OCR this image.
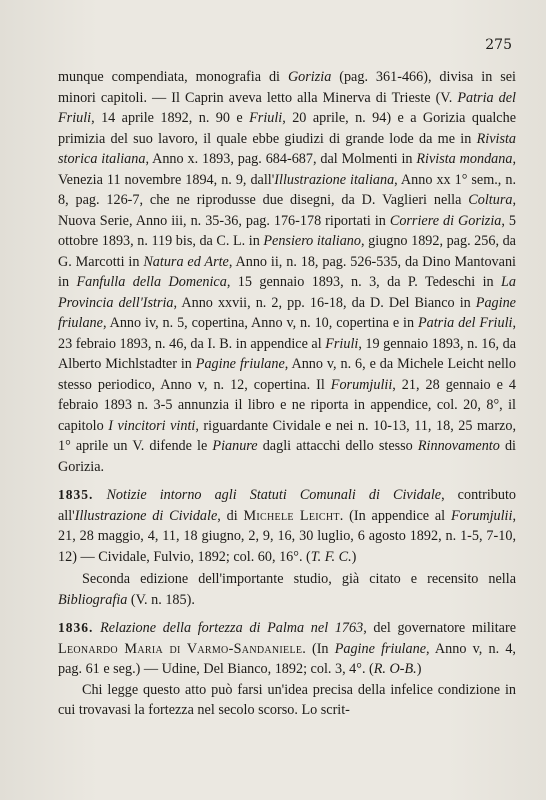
275

munque compendiata, monografia di Gorizia (pag. 361-466), divisa in sei minori capitoli. — Il Caprin aveva letto alla Minerva di Trieste (V. Patria del Friuli, 14 aprile 1892, n. 90 e Friuli, 20 aprile, n. 94) e a Gorizia qualche primizia del suo lavoro, il quale ebbe giudizi di grande lode da me in Rivista storica italiana, Anno x. 1893, pag. 684-687, dal Molmenti in Rivista mondana, Venezia 11 novembre 1894, n. 9, dall'Illustrazione italiana, Anno xx 1° sem., n. 8, pag. 126-7, che ne riprodusse due disegni, da D. Vaglieri nella Coltura, Nuova Serie, Anno iii, n. 35-36, pag. 176-178 riportati in Corriere di Gorizia, 5 ottobre 1893, n. 119 bis, da C. L. in Pensiero italiano, giugno 1892, pag. 256, da G. Marcotti in Natura ed Arte, Anno ii, n. 18, pag. 526-535, da Dino Mantovani in Fanfulla della Domenica, 15 gennaio 1893, n. 3, da P. Tedeschi in La Provincia dell'Istria, Anno xxvii, n. 2, pp. 16-18, da D. Del Bianco in Pagine friulane, Anno iv, n. 5, copertina, Anno v, n. 10, copertina e in Patria del Friuli, 23 febraio 1893, n. 46, da I. B. in appendice al Friuli, 19 gennaio 1893, n. 16, da Alberto Michlstadter in Pagine friulane, Anno v, n. 6, e da Michele Leicht nello stesso periodico, Anno v, n. 12, copertina. Il Forumjulii, 21, 28 gennaio e 4 febraio 1893 n. 3-5 annunzia il libro e ne riporta in appendice, col. 20, 8°, il capitolo I vincitori vinti, riguardante Cividale e nei n. 10-13, 11, 18, 25 marzo, 1° aprile un V. difende le Pianure dagli attacchi dello stesso Rinnovamento di Gorizia.

1835. Notizie intorno agli Statuti Comunali di Cividale, contributo all'Illustrazione di Cividale, di Michele Leicht. (In appendice al Forumjulii, 21, 28 maggio, 4, 11, 18 giugno, 2, 9, 16, 30 luglio, 6 agosto 1892, n. 1-5, 7-10, 12) — Cividale, Fulvio, 1892; col. 60, 16°. (T. F. C.)

Seconda edizione dell'importante studio, già citato e recensito nella Bibliografia (V. n. 185).

1836. Relazione della fortezza di Palma nel 1763, del governatore militare Leonardo Maria di Varmo-Sandaniele. (In Pagine friulane, Anno v, n. 4, pag. 61 e seg.) — Udine, Del Bianco, 1892; col. 3, 4°. (R. O-B.)

Chi legge questo atto può farsi un'idea precisa della infelice condizione in cui trovavasi la fortezza nel secolo scorso. Lo scrit-
